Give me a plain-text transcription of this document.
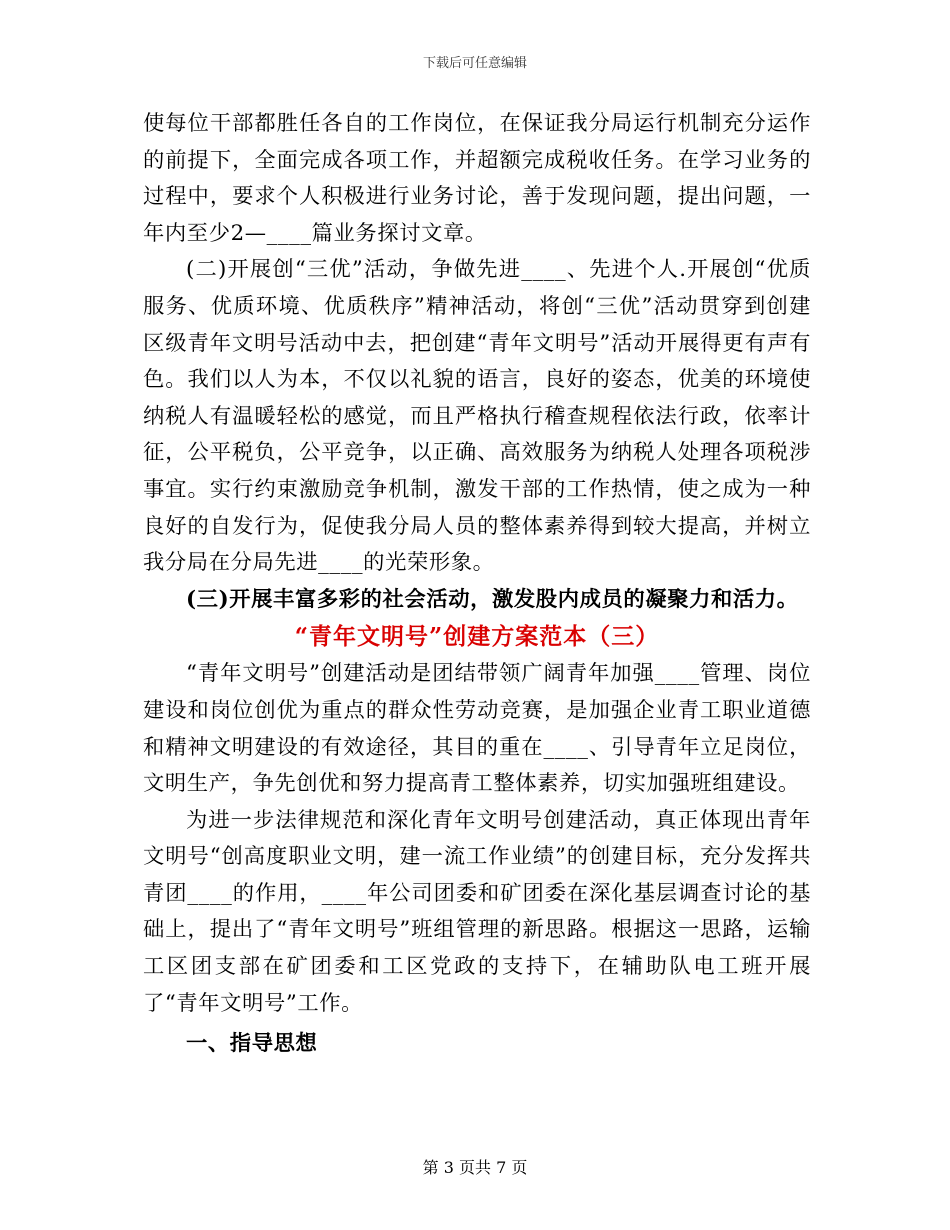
下载后可任意编辑

使每位干部都胜任各自的工作岗位，在保证我分局运行机制充分运作的前提下，全面完成各项工作，并超额完成税收任务。在学习业务的过程中，要求个人积极进行业务讨论，善于发现问题，提出问题，一年内至少2—____篇业务探讨文章。

(二)开展创“三优”活动，争做先进____、先进个人.开展创“优质服务、优质环境、优质秩序”精神活动，将创“三优”活动贯穿到创建区级青年文明号活动中去，把创建“青年文明号”活动开展得更有声有色。我们以人为本，不仅以礼貌的语言，良好的姿态，优美的环境使纳税人有温暖轻松的感觉，而且严格执行稽查规程依法行政，依率计征，公平税负，公平竞争，以正确、高效服务为纳税人处理各项税涉事宜。实行约束激励竞争机制，激发干部的工作热情，使之成为一种良好的自发行为，促使我分局人员的整体素养得到较大提高，并树立我分局在分局先进____的光荣形象。

(三)开展丰富多彩的社会活动，激发股内成员的凝聚力和活力。

“青年文明号”创建方案范本（三）

“青年文明号”创建活动是团结带领广阔青年加强____管理、岗位建设和岗位创优为重点的群众性劳动竞赛，是加强企业青工职业道德和精神文明建设的有效途径，其目的重在____、引导青年立足岗位，文明生产，争先创优和努力提高青工整体素养，切实加强班组建设。

为进一步法律规范和深化青年文明号创建活动，真正体现出青年文明号“创高度职业文明，建一流工作业绩”的创建目标，充分发挥共青团____的作用，____年公司团委和矿团委在深化基层调查讨论的基础上，提出了“青年文明号”班组管理的新思路。根据这一思路，运输工区团支部在矿团委和工区党政的支持下，在辅助队电工班开展了“青年文明号”工作。

一、指导思想

第 3 页共 7 页
